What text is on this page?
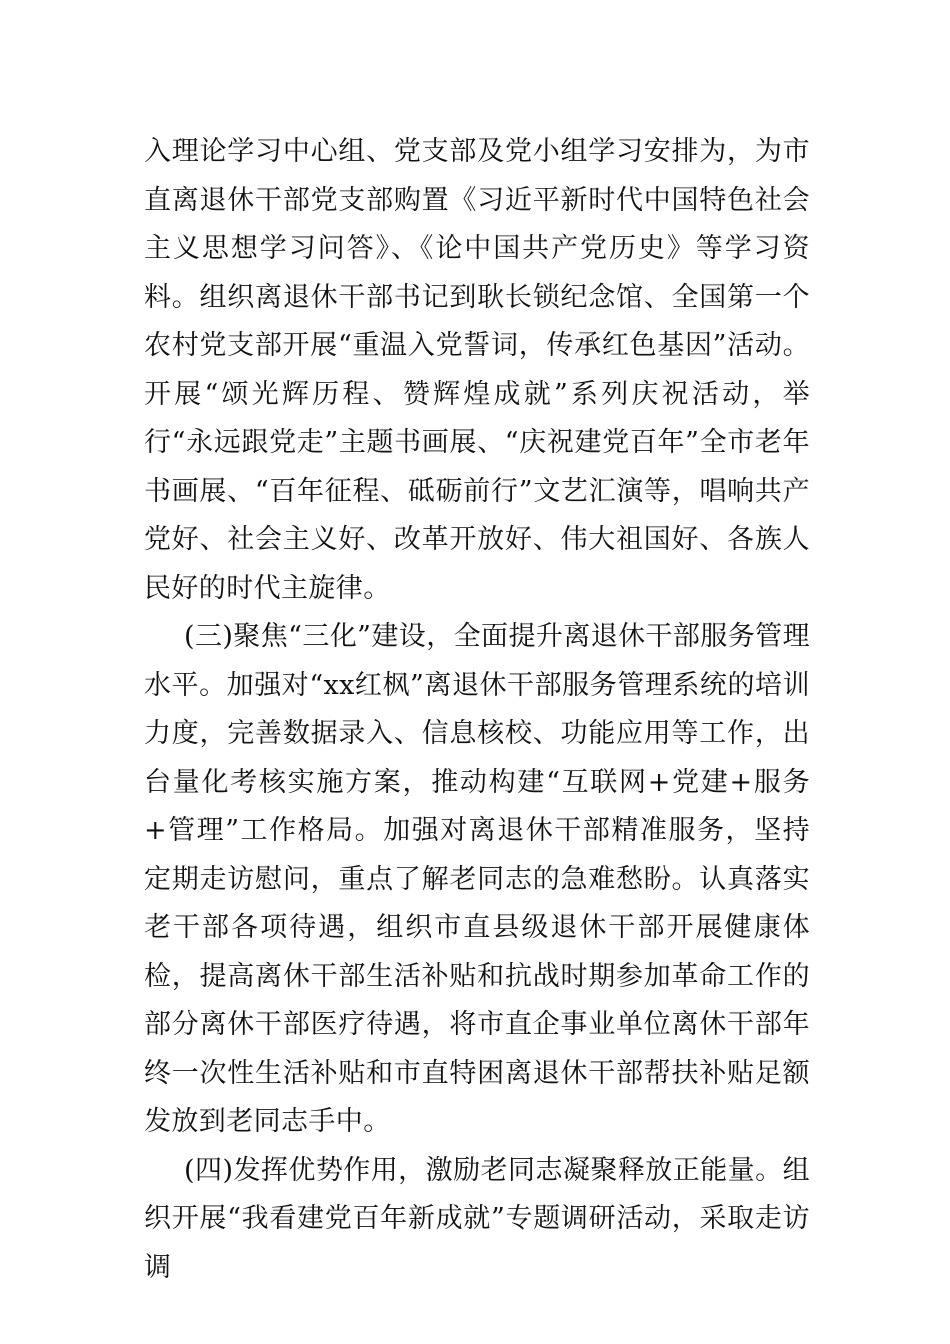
入理论学习中心组、党支部及党小组学习安排为，为市直离退休干部党支部购置《习近平新时代中国特色社会主义思想学习问答》、《论中国共产党历史》等学习资料。组织离退休干部书记到耿长锁纪念馆、全国第一个农村党支部开展“重温入党誓词，传承红色基因”活动。开展“颂光辉历程、赞辉煌成就”系列庆祝活动，举行“永远跟党走”主题书画展、“庆祝建党百年”全市老年书画展、“百年征程、砥砺前行”文艺汇演等，唱响共产党好、社会主义好、改革开放好、伟大祖国好、各族人民好的时代主旋律。

(三)聚焦“三化”建设，全面提升离退休干部服务管理水平。加强对“xx红枫”离退休干部服务管理系统的培训力度，完善数据录入、信息核校、功能应用等工作，出台量化考核实施方案，推动构建“互联网+党建+服务+管理”工作格局。加强对离退休干部精准服务，坚持定期走访慰问，重点了解老同志的急难愁盼。认真落实老干部各项待遇，组织市直县级退休干部开展健康体检，提高离休干部生活补贴和抗战时期参加革命工作的部分离休干部医疗待遇，将市直企事业单位离休干部年终一次性生活补贴和市直特困离退休干部帮扶补贴足额发放到老同志手中。

(四)发挥优势作用，激励老同志凝聚释放正能量。组织开展“我看建党百年新成就”专题调研活动，采取走访调
